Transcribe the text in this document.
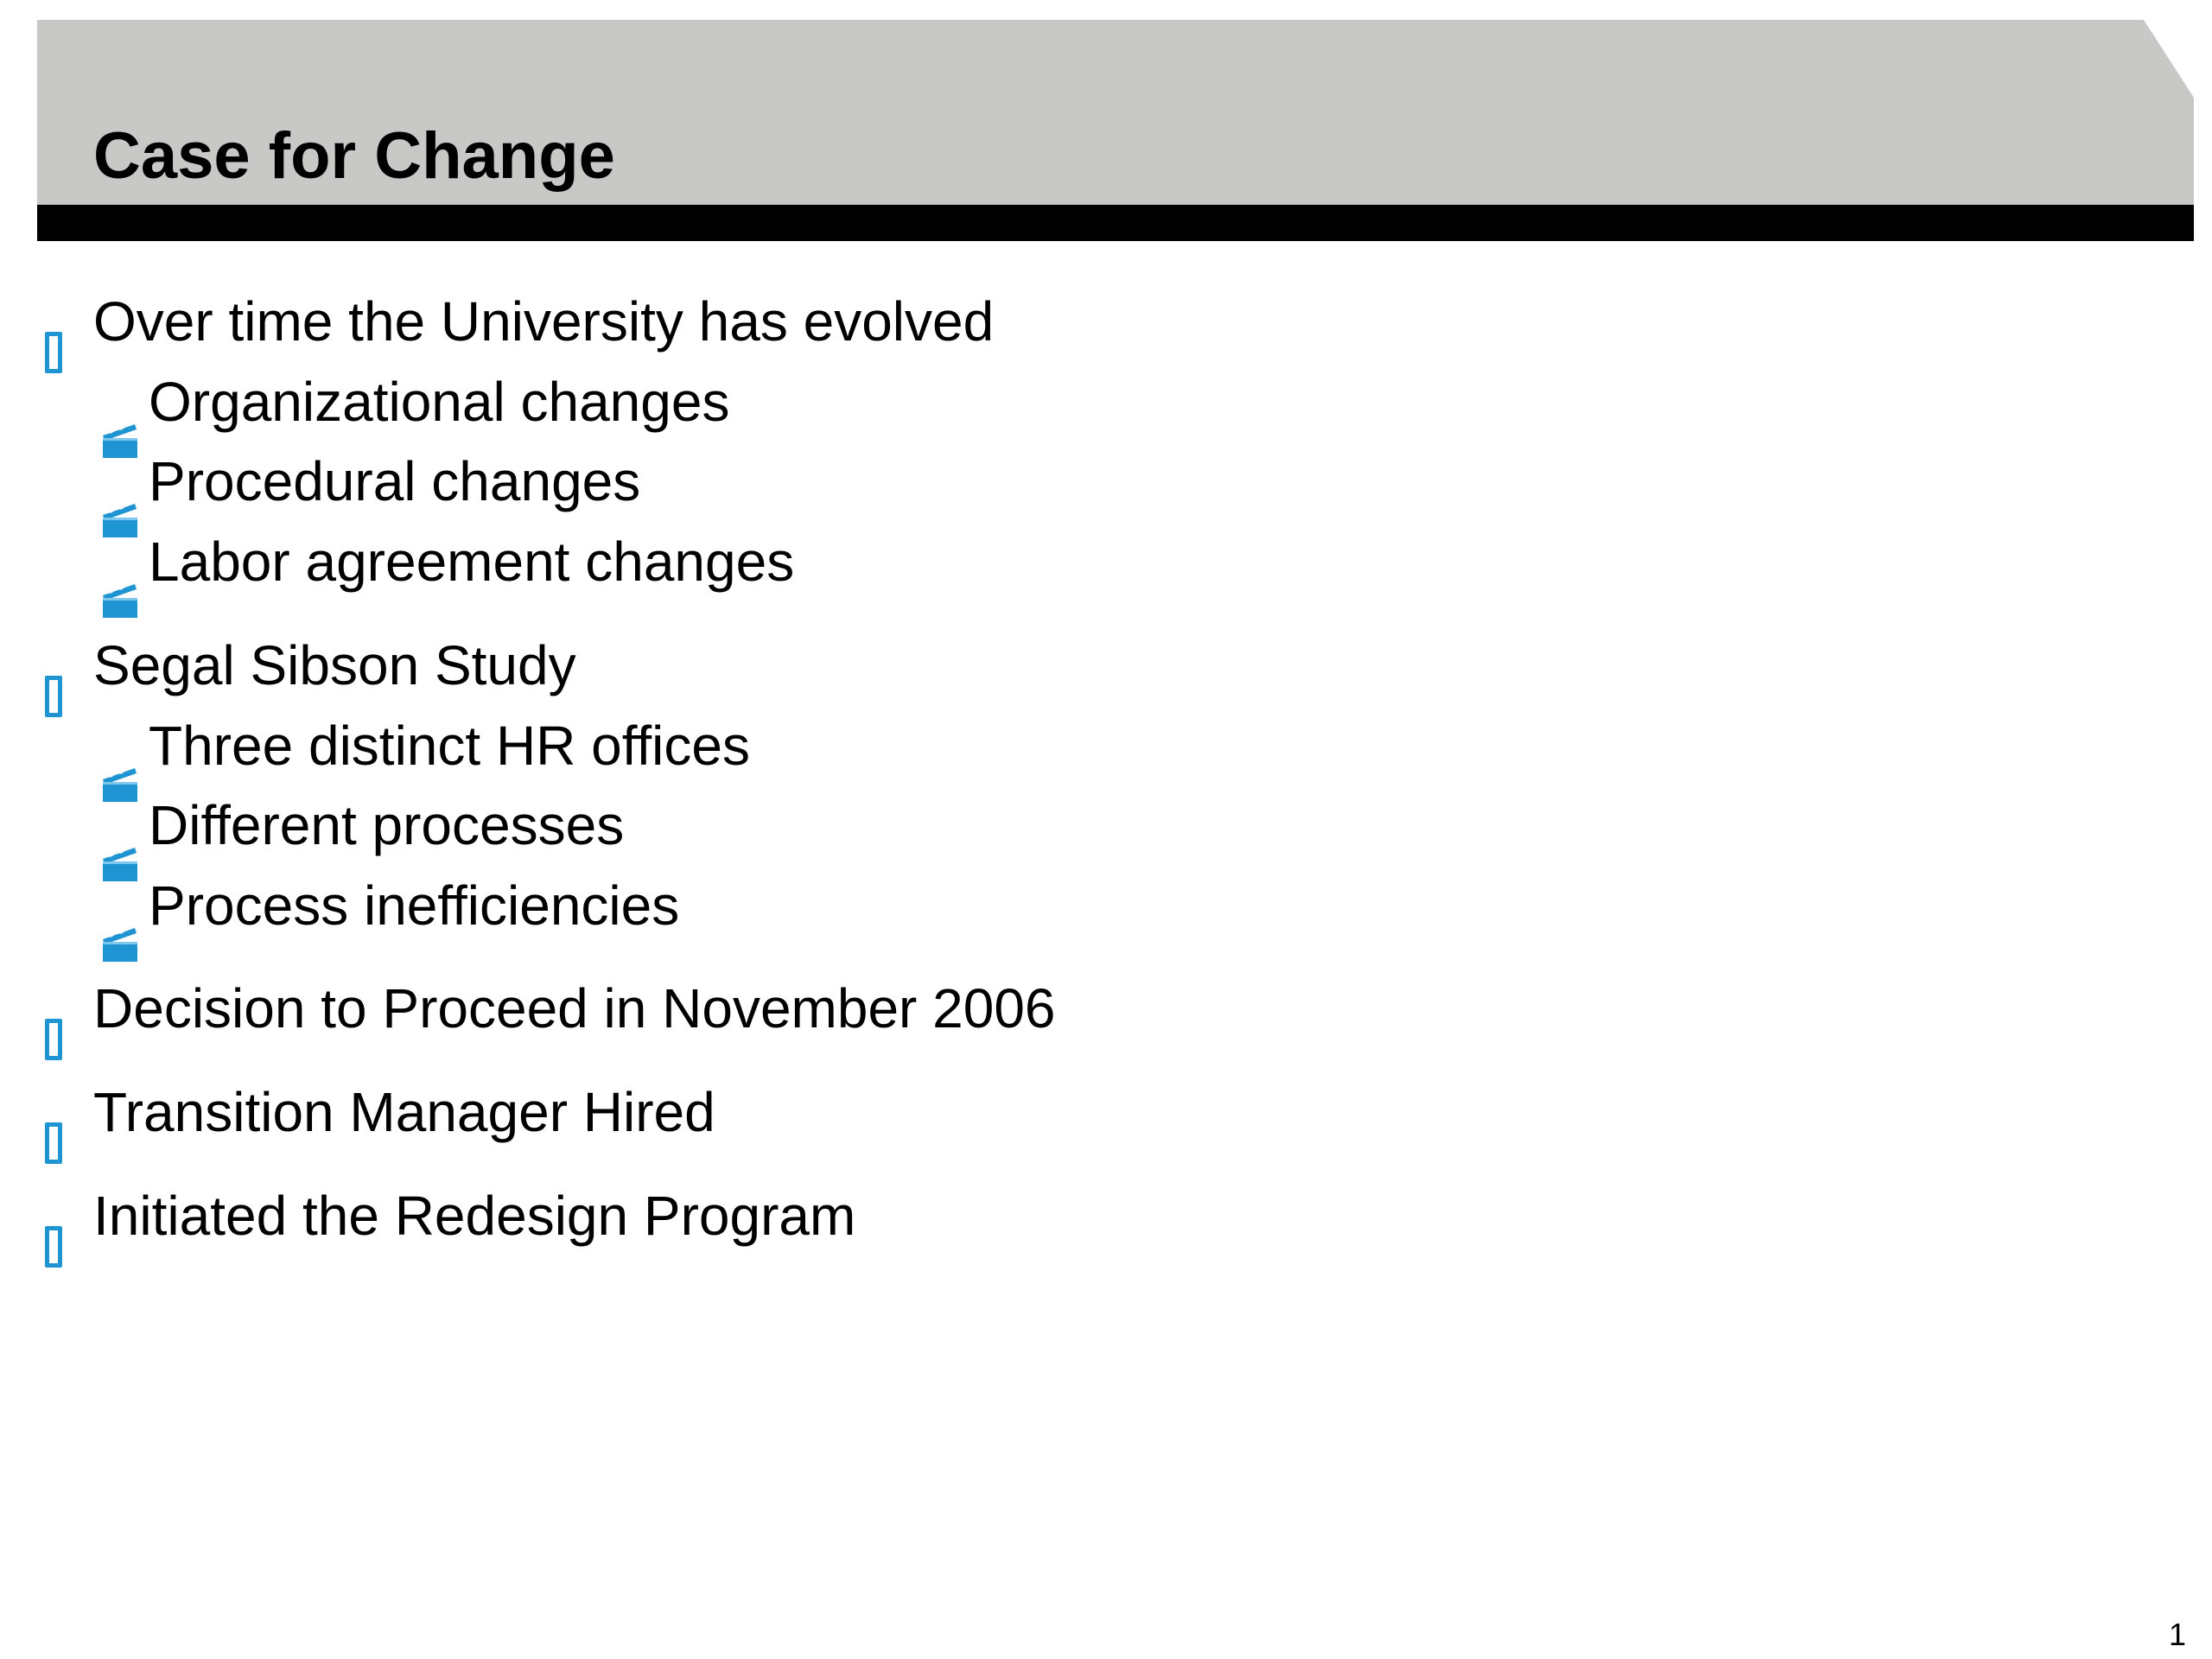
Case for Change
Over time the University has evolved
Organizational changes
Procedural changes
Labor agreement changes
Segal Sibson Study
Three distinct HR offices
Different processes
Process inefficiencies
Decision to Proceed in November 2006
Transition Manager Hired
Initiated the Redesign Program
1
